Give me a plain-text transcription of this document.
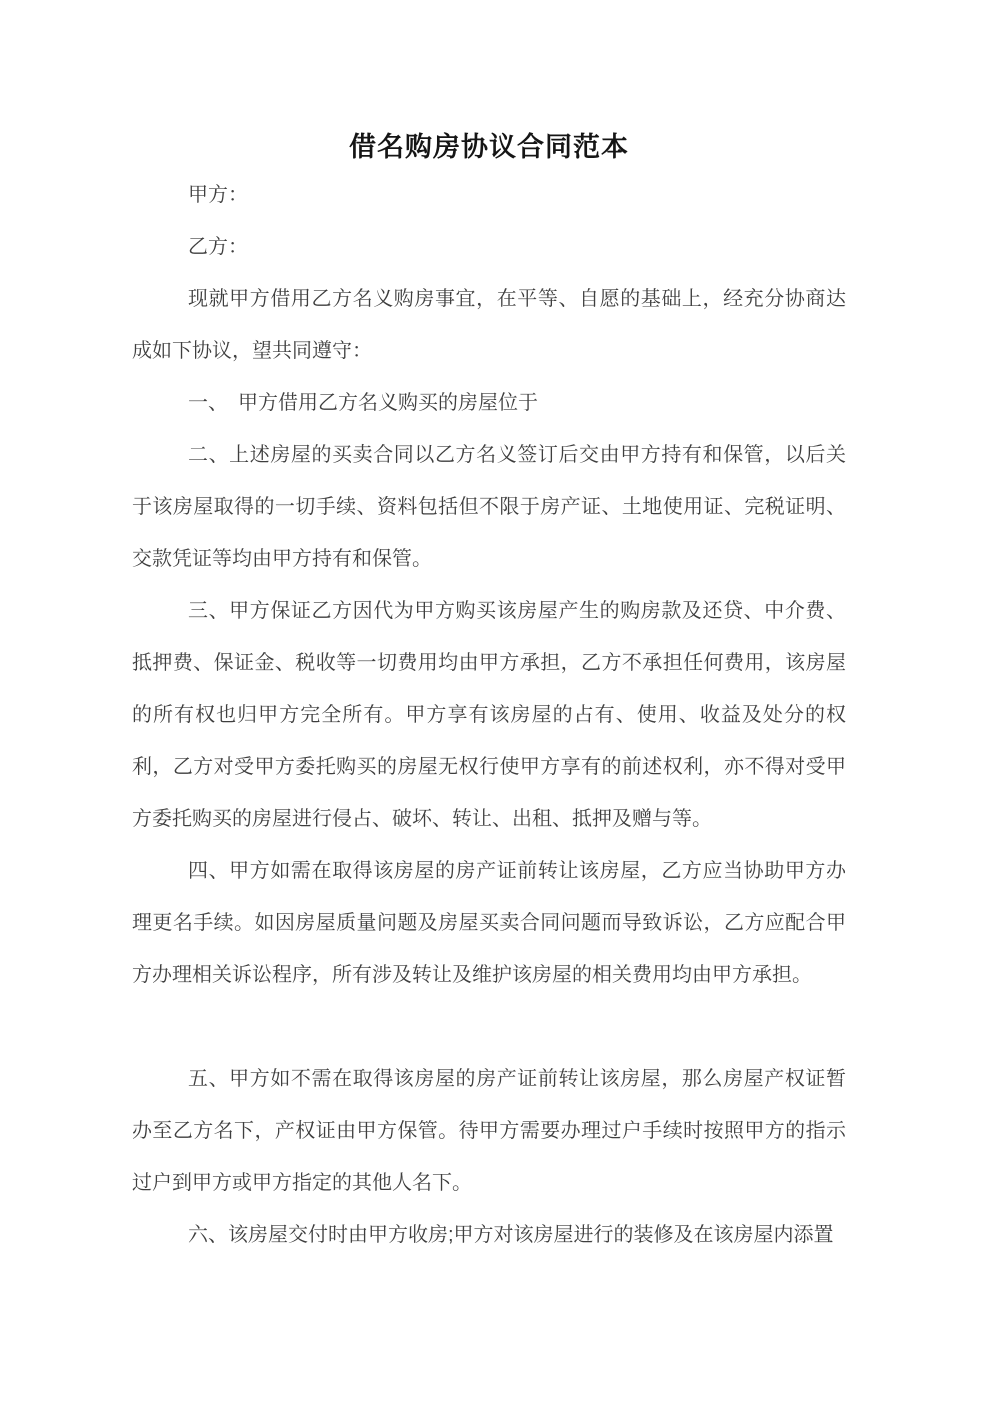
借名购房协议合同范本

甲方：

乙方：

现就甲方借用乙方名义购房事宜，在平等、自愿的基础上，经充分协商达成如下协议，望共同遵守：

一、　甲方借用乙方名义购买的房屋位于

二、上述房屋的买卖合同以乙方名义签订后交由甲方持有和保管，以后关于该房屋取得的一切手续、资料包括但不限于房产证、土地使用证、完税证明、交款凭证等均由甲方持有和保管。

三、甲方保证乙方因代为甲方购买该房屋产生的购房款及还贷、中介费、抵押费、保证金、税收等一切费用均由甲方承担，乙方不承担任何费用，该房屋的所有权也归甲方完全所有。甲方享有该房屋的占有、使用、收益及处分的权利，乙方对受甲方委托购买的房屋无权行使甲方享有的前述权利，亦不得对受甲方委托购买的房屋进行侵占、破坏、转让、出租、抵押及赠与等。

四、甲方如需在取得该房屋的房产证前转让该房屋，乙方应当协助甲方办理更名手续。如因房屋质量问题及房屋买卖合同问题而导致诉讼，乙方应配合甲方办理相关诉讼程序，所有涉及转让及维护该房屋的相关费用均由甲方承担。

五、甲方如不需在取得该房屋的房产证前转让该房屋，那么房屋产权证暂办至乙方名下，产权证由甲方保管。待甲方需要办理过户手续时按照甲方的指示过户到甲方或甲方指定的其他人名下。

六、该房屋交付时由甲方收房;甲方对该房屋进行的装修及在该房屋内添置
